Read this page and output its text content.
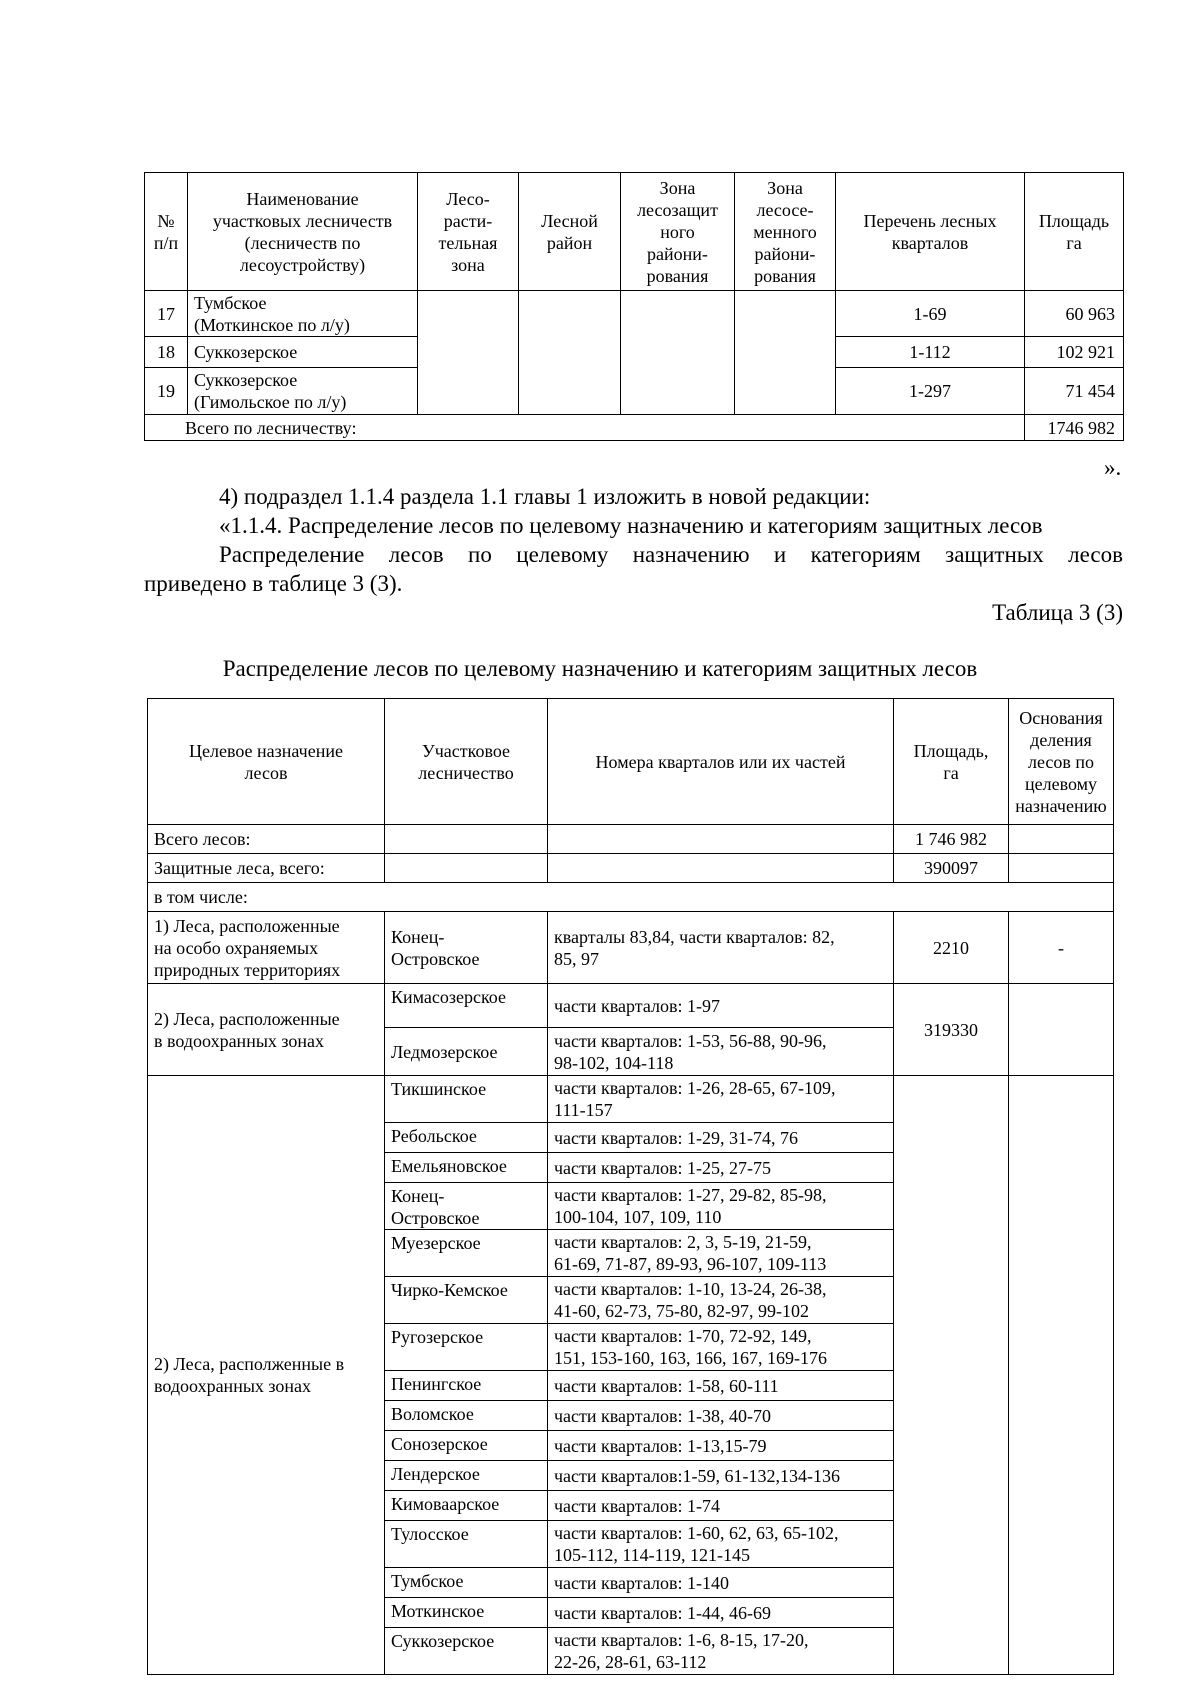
№
п/п	Наименование
участковых лесничеств
(лесничеств по
лесоустройству)	Лесо-
расти-
тельная
зона	Лесной
район	Зона
лесозащит
ного
райони-
рования	Зона
лесосе-
менного
райони-
рования	Перечень лесных
кварталов	Площадь
га
17	Тумбское
(Моткинское по л/у)					1-69	60 963
18	Суккозерское					1-112	102 921
19	Суккозерское
(Гимольское по л/у)					1-297	71 454
Всего по лесничеству:							1746 982
».
4) подраздел 1.1.4 раздела 1.1 главы 1 изложить в новой редакции:
«1.1.4. Распределение лесов по целевому назначению и категориям защитных лесов
Распределение лесов по целевому назначению и категориям защитных лесов
приведено в таблице 3 (3).
Таблица 3 (3)
Распределение лесов по целевому назначению и категориям защитных лесов
Целевое назначение
лесов	Участковое
лесничество	Номера кварталов или их частей	Площадь,
га	Основания
деления
лесов по
целевому
назначению
Всего лесов:			1 746 982	
Защитные леса, всего:			390097	
в том числе:				
1) Леса, расположенные
на особо охраняемых
природных территориях	Конец-
Островское	кварталы 83,84, части кварталов: 82,
85, 97	2210	-
2) Леса, расположенные
в водоохранных зонах	Кимасозерское	части кварталов: 1-97	319330	
	Ледмозерское	части кварталов: 1-53, 56-88, 90-96,
98-102, 104-118		
2) Леса, располженные в
водоохранных зонах	Тикшинское	части кварталов: 1-26, 28-65, 67-109,
111-157		
	Ребольское	части кварталов: 1-29, 31-74, 76		
	Емельяновское	части кварталов: 1-25, 27-75		
	Конец-
Островское	части кварталов: 1-27, 29-82, 85-98,
100-104, 107, 109, 110		
	Муезерское	части кварталов: 2, 3, 5-19, 21-59,
61-69, 71-87, 89-93, 96-107, 109-113		
	Чирко-Кемское	части кварталов: 1-10, 13-24, 26-38,
41-60, 62-73, 75-80, 82-97, 99-102		
	Ругозерское	части кварталов: 1-70, 72-92, 149,
151, 153-160, 163, 166, 167, 169-176		
	Пенингское	части кварталов: 1-58, 60-111		
	Воломское	части кварталов: 1-38, 40-70		
	Сонозерское	части кварталов: 1-13,15-79		
	Лендерское	части кварталов:1-59, 61-132,134-136		
	Кимоваарское	части кварталов: 1-74		
	Тулосское	части кварталов: 1-60, 62, 63, 65-102,
105-112, 114-119, 121-145		
	Тумбское	части кварталов: 1-140		
	Моткинское	части кварталов: 1-44, 46-69		
	Суккозерское	части кварталов: 1-6, 8-15, 17-20,
22-26, 28-61, 63-112		
